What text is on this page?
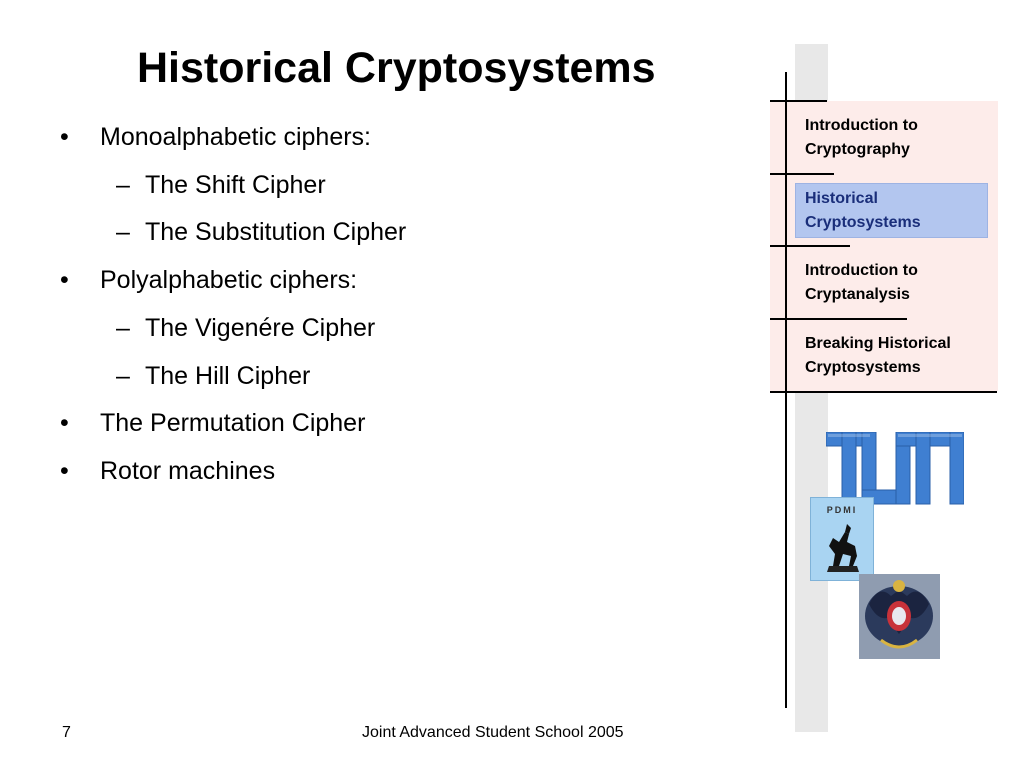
Historical Cryptosystems
• Monoalphabetic ciphers:
– The Shift Cipher
– The Substitution Cipher
• Polyalphabetic ciphers:
– The Vigenére Cipher
– The Hill Cipher
• The Permutation Cipher
• Rotor machines
Introduction to
Cryptography
Historical
Cryptosystems
Introduction to
Cryptanalysis
Breaking Historical
Cryptosystems
PDMI
7	Joint Advanced Student School 2005
